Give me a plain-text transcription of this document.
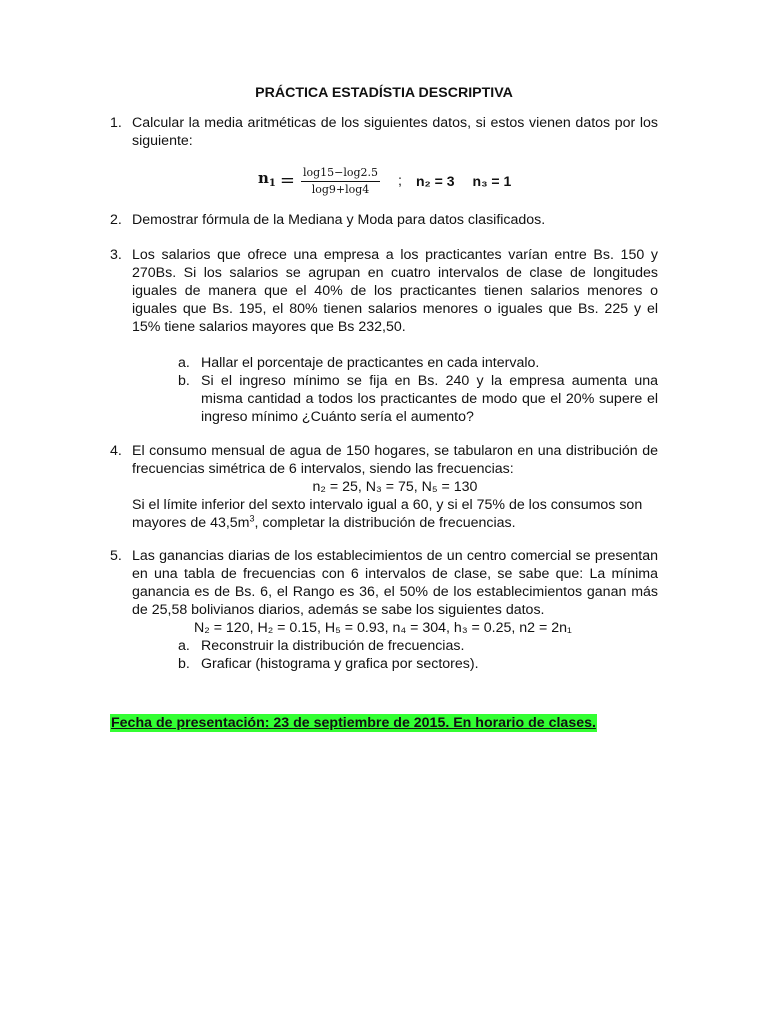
PRÁCTICA ESTADÍSTIA DESCRIPTIVA
1. Calcular la media aritméticas de los siguientes datos, si estos vienen datos por los siguiente:

$n_1 = \frac{\log 15-\log 2.5}{\log 9+\log 4}$ ; n₂ = 3 n₃ = 1
2. Demostrar fórmula de la Mediana y Moda para datos clasificados.

3. Los salarios que ofrece una empresa a los practicantes varían entre Bs. 150 y 270Bs. Si los salarios se agrupan en cuatro intervalos de clase de longitudes iguales de manera que el 40% de los practicantes tienen salarios menores o iguales que Bs. 195, el 80% tienen salarios menores o iguales que Bs. 225 y el 15% tiene salarios mayores que Bs 232,50.

a. Hallar el porcentaje de practicantes en cada intervalo.
b. Si el ingreso mínimo se fija en Bs. 240 y la empresa aumenta una misma cantidad a todos los practicantes de modo que el 20% supere el ingreso mínimo ¿Cuánto sería el aumento?
4. El consumo mensual de agua de 150 hogares, se tabularon en una distribución de frecuencias simétrica de 6 intervalos, siendo las frecuencias:

n₂ = 25, N₃ = 75, N₅ = 130

Si el límite inferior del sexto intervalo igual a 60, y si el 75% de los consumos son mayores de $43,5m^3$, completar la distribución de frecuencias.

5. Las ganancias diarias de los establecimientos de un centro comercial se presentan en una tabla de frecuencias con 6 intervalos de clase, se sabe que: La mínima ganancia es de Bs. 6, el Rango es 36, el 50% de los establecimientos ganan más de 25,58 bolivianos diarios, además se sabe los siguientes datos.

N₂ = 120, H₂ = 0.15, H₅ = 0.93, n₄ = 304, h₃ = 0.25, n2 = 2n₁
a. Reconstruir la distribución de frecuencias.
b. Graficar (histograma y grafica por sectores).
Fecha de presentación: 23 de septiembre de 2015. En horario de clases.
